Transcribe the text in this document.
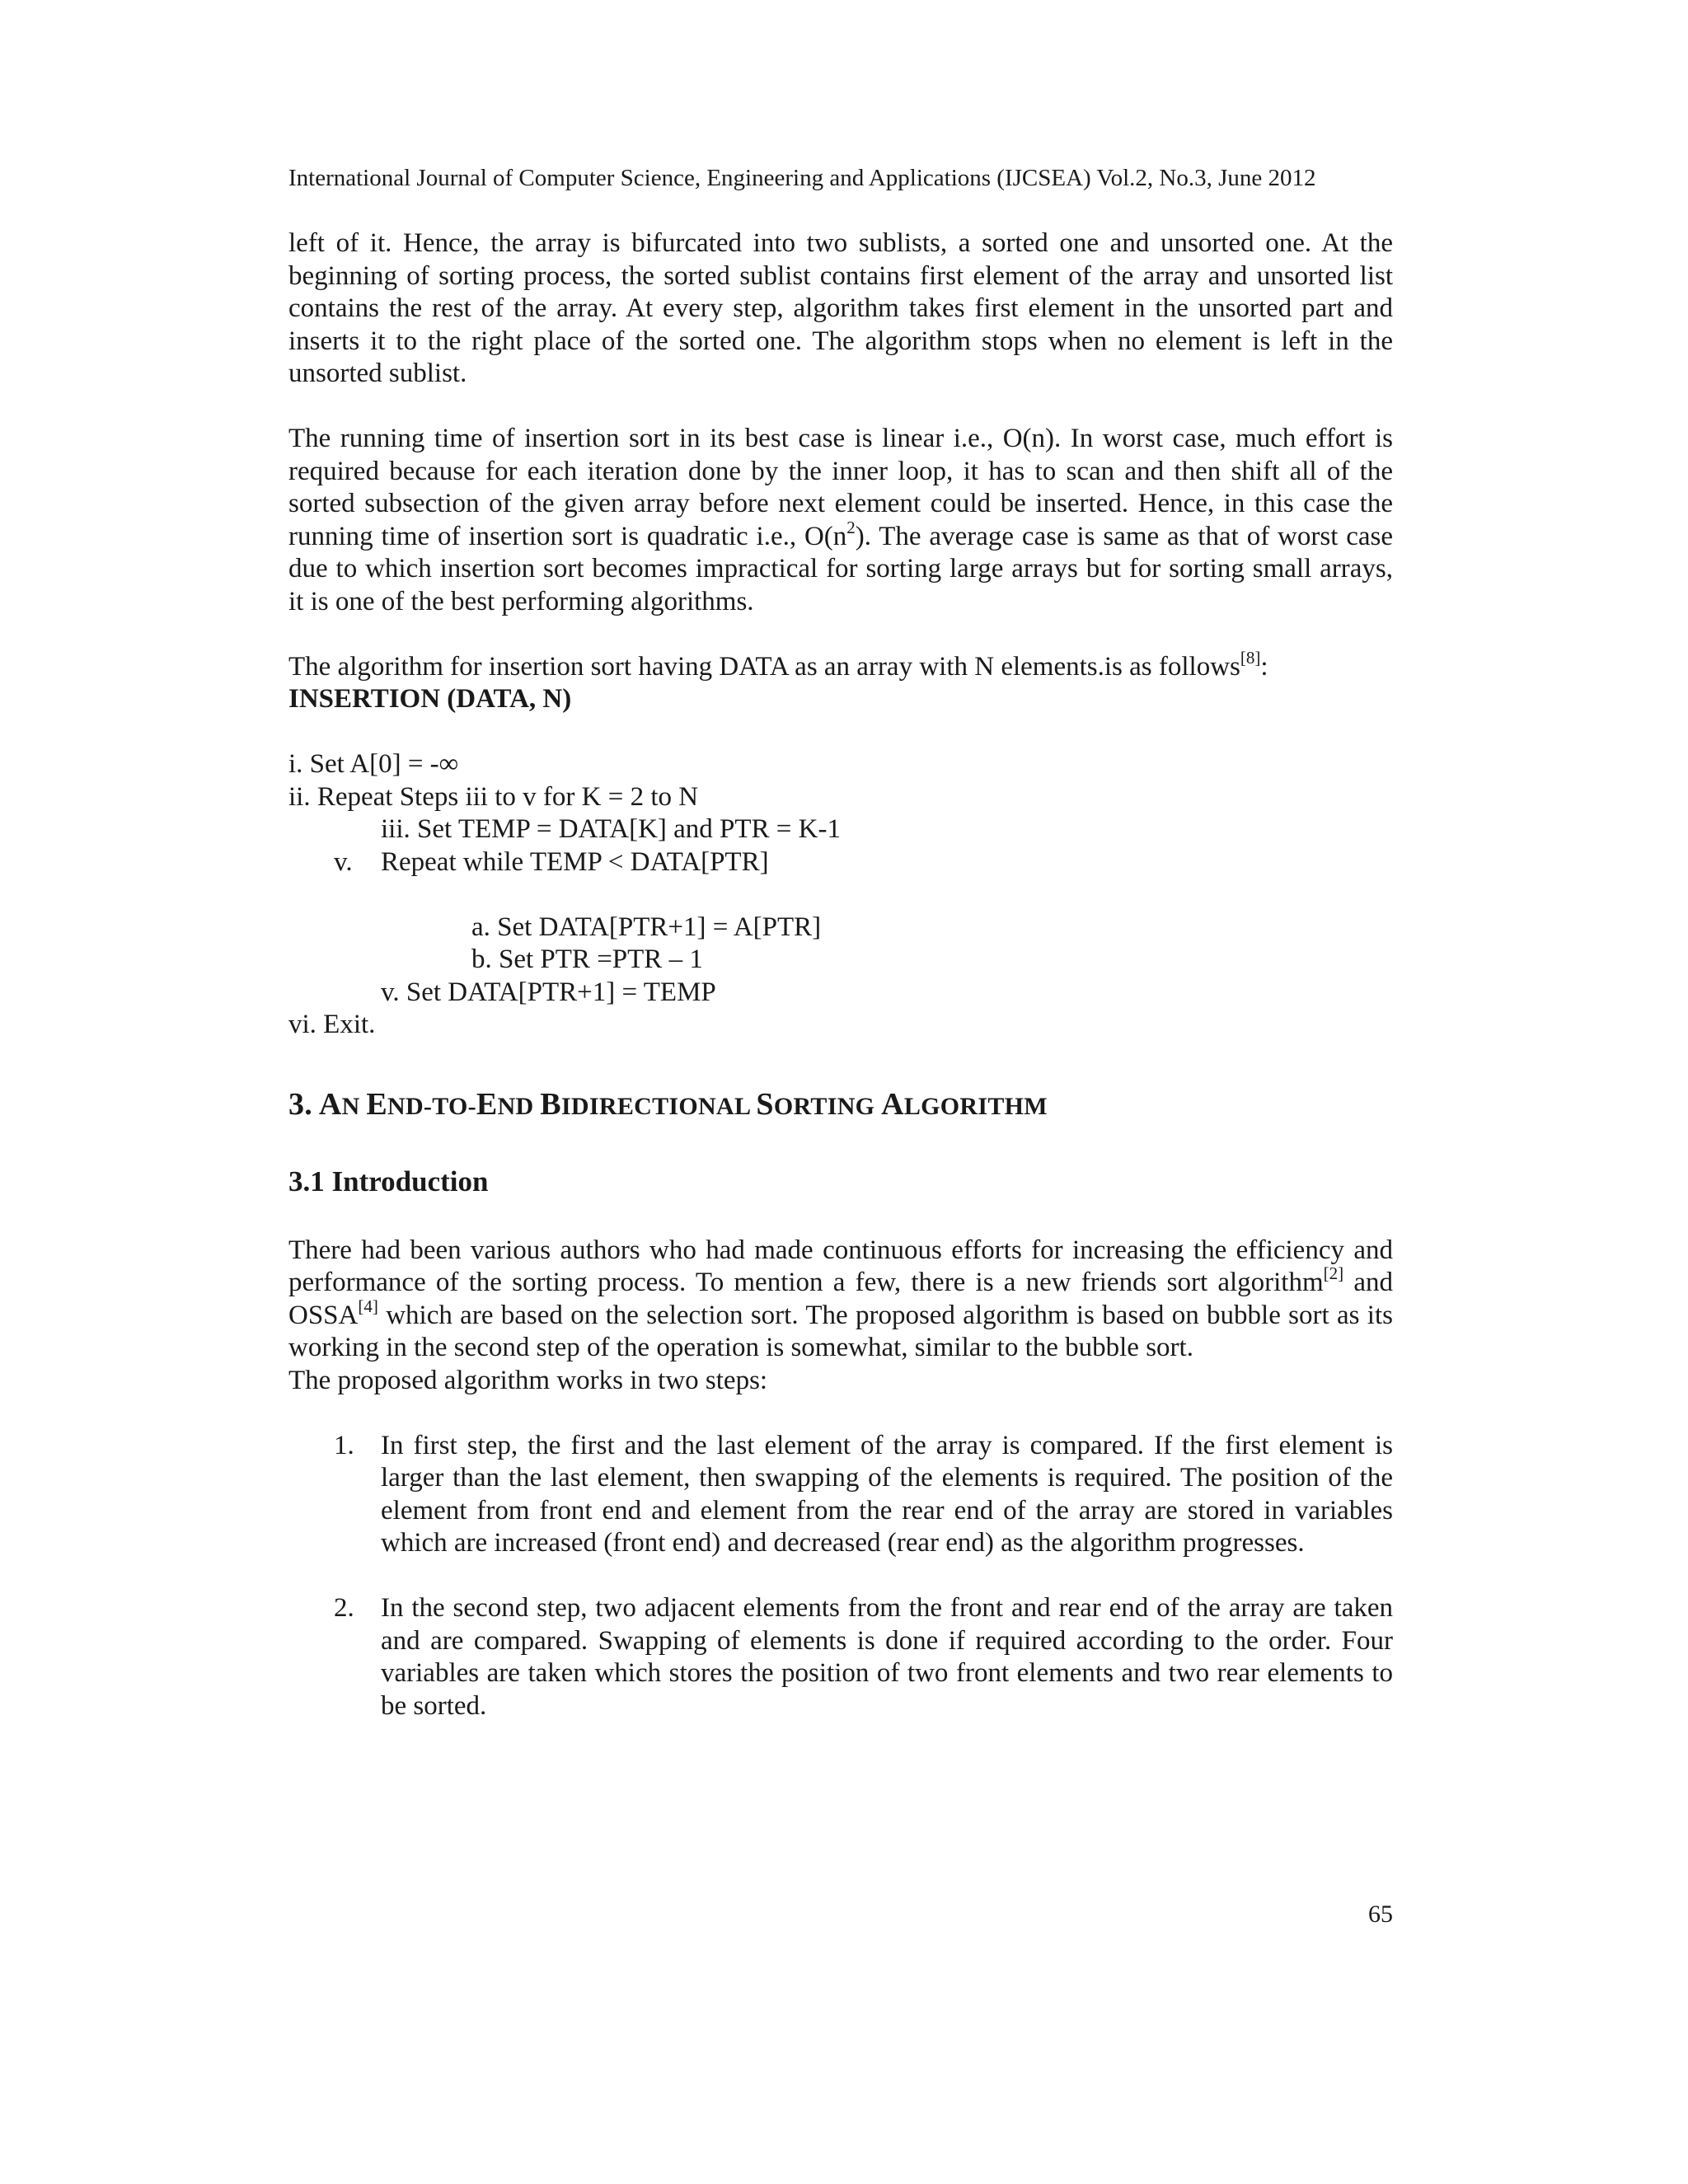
International Journal of Computer Science, Engineering and Applications (IJCSEA) Vol.2, No.3, June 2012

left of it. Hence, the array is bifurcated into two sublists, a sorted one and unsorted one. At the beginning of sorting process, the sorted sublist contains first element of the array and unsorted list contains the rest of the array. At every step, algorithm takes first element in the unsorted part and inserts it to the right place of the sorted one. The algorithm stops when no element is left in the unsorted sublist.

The running time of insertion sort in its best case is linear i.e., O(n). In worst case, much effort is required because for each iteration done by the inner loop, it has to scan and then shift all of the sorted subsection of the given array before next element could be inserted. Hence, in this case the running time of insertion sort is quadratic i.e., $O(n^2)$. The average case is same as that of worst case due to which insertion sort becomes impractical for sorting large arrays but for sorting small arrays, it is one of the best performing algorithms.

The algorithm for insertion sort having DATA as an array with N elements.is as follows[8]:

INSERTION (DATA, N)

i. Set A[0] = -∞

ii. Repeat Steps iii to v for K = 2 to N

iii. Set TEMP = DATA[K] and PTR = K-1

v. Repeat while TEMP < DATA[PTR]

a. Set DATA[PTR+1] = A[PTR]

b. Set PTR =PTR – 1

v. Set DATA[PTR+1] = TEMP

vi. Exit.

3. AN END-TO-END BIDIRECTIONAL SORTING ALGORITHM
3.1 Introduction

There had been various authors who had made continuous efforts for increasing the efficiency and performance of the sorting process. To mention a few, there is a new friends sort algorithm[2] and OSSA[4] which are based on the selection sort. The proposed algorithm is based on bubble sort as its working in the second step of the operation is somewhat, similar to the bubble sort.

The proposed algorithm works in two steps:

1. In first step, the first and the last element of the array is compared. If the first element is larger than the last element, then swapping of the elements is required. The position of the element from front end and element from the rear end of the array are stored in variables which are increased (front end) and decreased (rear end) as the algorithm progresses.
2. In the second step, two adjacent elements from the front and rear end of the array are taken and are compared. Swapping of elements is done if required according to the order. Four variables are taken which stores the position of two front elements and two rear elements to be sorted.
65
